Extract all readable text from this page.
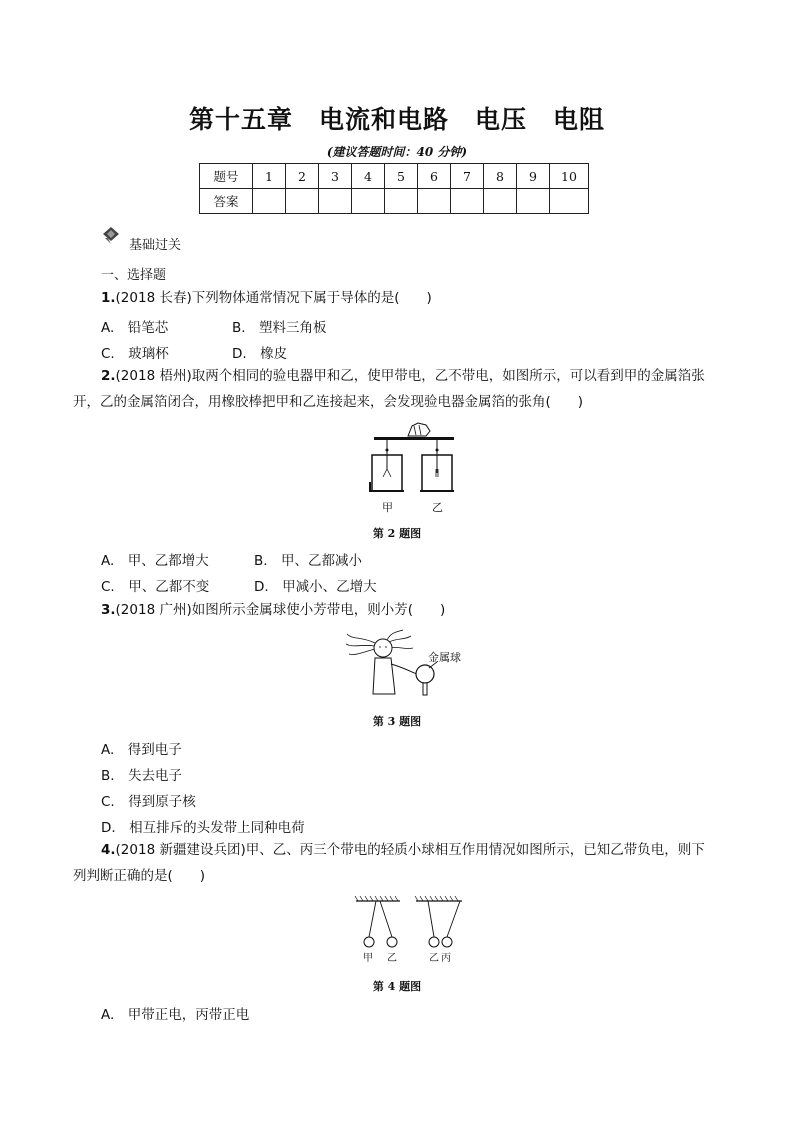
第十五章　电流和电路　电压　电阻
(建议答题时间：40 分钟)
题号	1	2	3	4	5	6	7	8	9	10
答案										
基础过关
一、选择题
1.(2018 长春)下列物体通常情况下属于导体的是(　　)
A.　铅笔芯	B.　塑料三角板
C.　玻璃杯	D.　橡皮
2.(2018 梧州)取两个相同的验电器甲和乙，使甲带电，乙不带电，如图所示，可以看到甲的金属箔张
开，乙的金属箔闭合，用橡胶棒把甲和乙连接起来，会发现验电器金属箔的张角(　　)
甲	乙
第 2 题图
A.　甲、乙都增大	B.　甲、乙都减小
C.　甲、乙都不变	D.　甲减小、乙增大
3.(2018 广州)如图所示金属球使小芳带电，则小芳(　　)
金属球
第 3 题图
A.　得到电子
B.　失去电子
C.　得到原子核
D.　相互排斥的头发带上同种电荷
4.(2018 新疆建设兵团)甲、乙、丙三个带电的轻质小球相互作用情况如图所示，已知乙带负电，则下
列判断正确的是(　　)
甲 乙	乙 丙
第 4 题图
A.　甲带正电，丙带正电
